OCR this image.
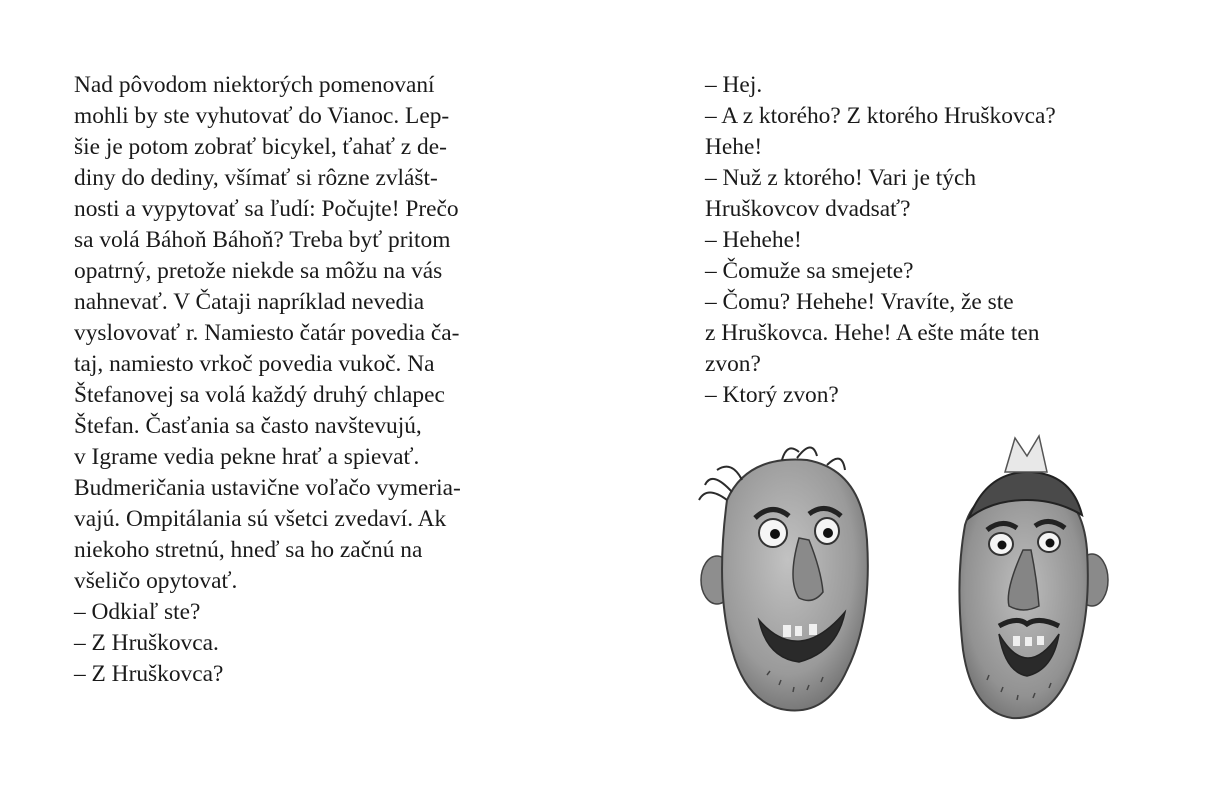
Nad pôvodom niektorých pomenovaní
mohli by ste vyhutovať do Vianoc. Lep-
šie je potom zobrať bicykel, ťahať z de-
diny do dediny, všímať si rôzne zvlášt-
nosti a vypytovať sa ľudí: Počujte! Prečo
sa volá Báhoň Báhoň? Treba byť pritom
opatrný, pretože niekde sa môžu na vás
nahnevať. V Čataji napríklad nevedia
vyslovovať r. Namiesto čatár povedia ča-
taj, namiesto vrkoč povedia vukoč. Na
Štefanovej sa volá každý druhý chlapec
Štefan. Časťania sa často navštevujú,
v Igrame vedia pekne hrať a spievať.
Budmeričania ustavične voľačo vymeria-
vajú. Ompitálania sú všetci zvedaví. Ak
niekoho stretnú, hneď sa ho začnú na
všeličo opytovať.
– Odkiaľ ste?
– Z Hruškovca.
– Z Hruškovca?
– Hej.
– A z ktorého? Z ktorého Hruškovca?
Hehe!
– Nuž z ktorého! Vari je tých
Hruškovcov dvadsať?
– Hehehe!
– Čomuže sa smejete?
– Čomu? Hehehe! Vravíte, že ste
z Hruškovca. Hehe! A ešte máte ten
zvon?
– Ktorý zvon?
